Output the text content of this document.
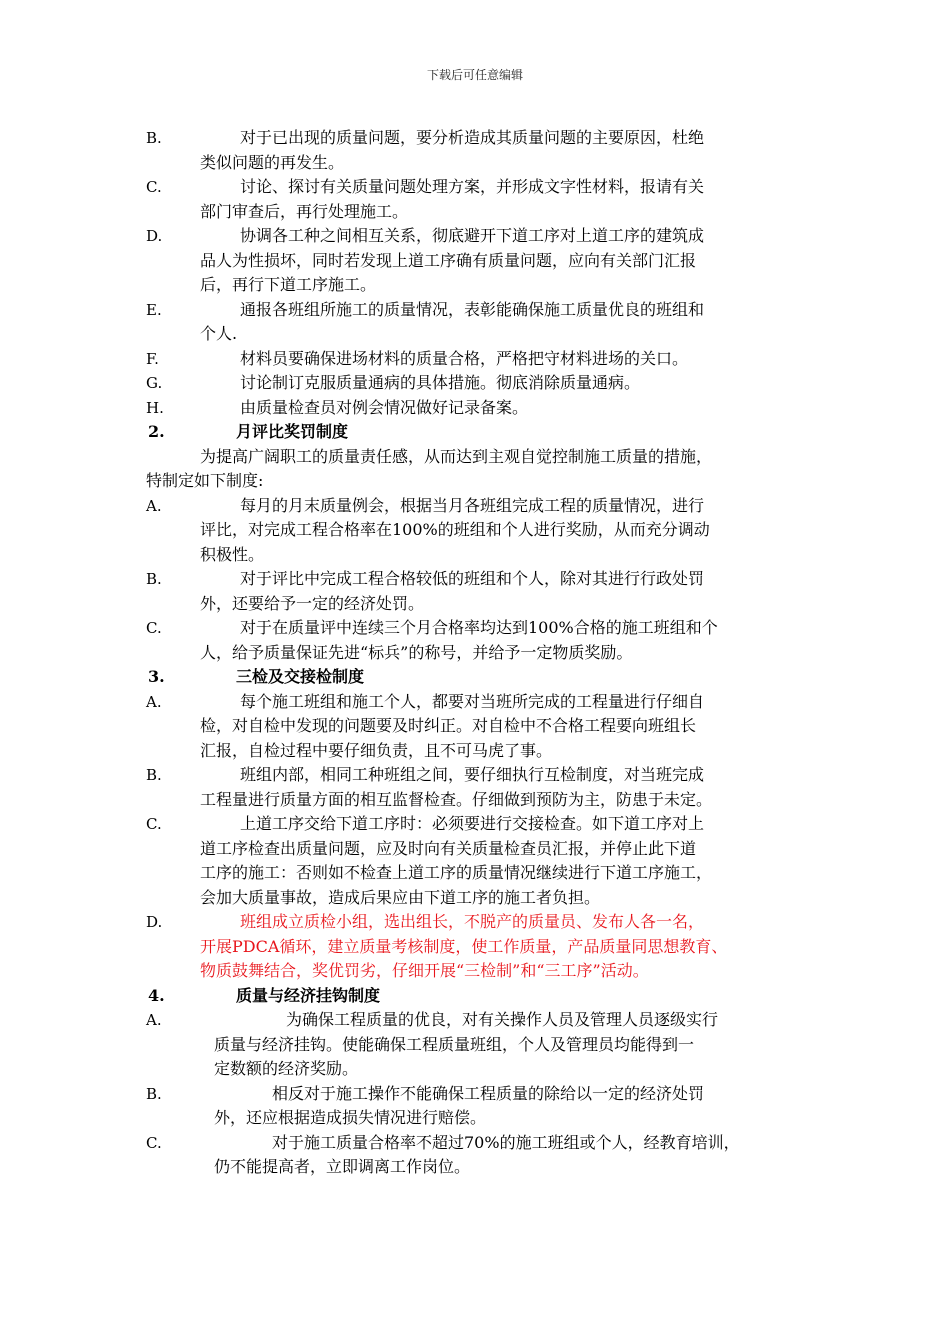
下载后可任意编辑
B.	对于已出现的质量问题，要分析造成其质量问题的主要原因，杜绝

类似问题的再发生。

C.	讨论、探讨有关质量问题处理方案，并形成文字性材料，报请有关

部门审查后，再行处理施工。

D.	协调各工种之间相互关系，彻底避开下道工序对上道工序的建筑成

品人为性损坏，同时若发现上道工序确有质量问题，应向有关部门汇报

后，再行下道工序施工。

E.	通报各班组所施工的质量情况，表彰能确保施工质量优良的班组和

个人.

F.	材料员要确保进场材料的质量合格，严格把守材料进场的关口。

G.	讨论制订克服质量通病的具体措施。彻底消除质量通病。

H.	由质量检查员对例会情况做好记录备案。

2.	月评比奖罚制度

为提高广阔职工的质量责任感，从而达到主观自觉控制施工质量的措施，

特制定如下制度:

A.	每月的月末质量例会，根据当月各班组完成工程的质量情况，进行

评比，对完成工程合格率在100%的班组和个人进行奖励，从而充分调动

积极性。

B.	对于评比中完成工程合格较低的班组和个人，除对其进行行政处罚

外，还要给予一定的经济处罚。

C.	对于在质量评中连续三个月合格率均达到100%合格的施工班组和个

人，给予质量保证先进“标兵”的称号，并给予一定物质奖励。

3.	三检及交接检制度
A.	每个施工班组和施工个人，都要对当班所完成的工程量进行仔细自

检，对自检中发现的问题要及时纠正。对自检中不合格工程要向班组长

汇报，自检过程中要仔细负责，且不可马虎了事。

B.	班组内部，相同工种班组之间，要仔细执行互检制度，对当班完成

工程量进行质量方面的相互监督检查。仔细做到预防为主，防患于未定。

C.	上道工序交给下道工序时：必须要进行交接检查。如下道工序对上

道工序检查出质量问题，应及时向有关质量检查员汇报，并停止此下道

工序的施工：否则如不检查上道工序的质量情况继续进行下道工序施工，

会加大质量事故，造成后果应由下道工序的施工者负担。

D.	班组成立质检小组，选出组长，不脱产的质量员、发布人各一名，

开展PDCA循环，建立质量考核制度，使工作质量，产品质量同思想教育、

物质鼓舞结合，奖优罚劣，仔细开展“三检制”和“三工序”活动。

4.	质量与经济挂钩制度
A.	为确保工程质量的优良，对有关操作人员及管理人员逐级实行

质量与经济挂钩。使能确保工程质量班组，个人及管理员均能得到一

定数额的经济奖励。

B.	相反对于施工操作不能确保工程质量的除给以一定的经济处罚

外，还应根据造成损失情况进行赔偿。

C.	对于施工质量合格率不超过70%的施工班组或个人，经教育培训，

仍不能提高者，立即调离工作岗位。
